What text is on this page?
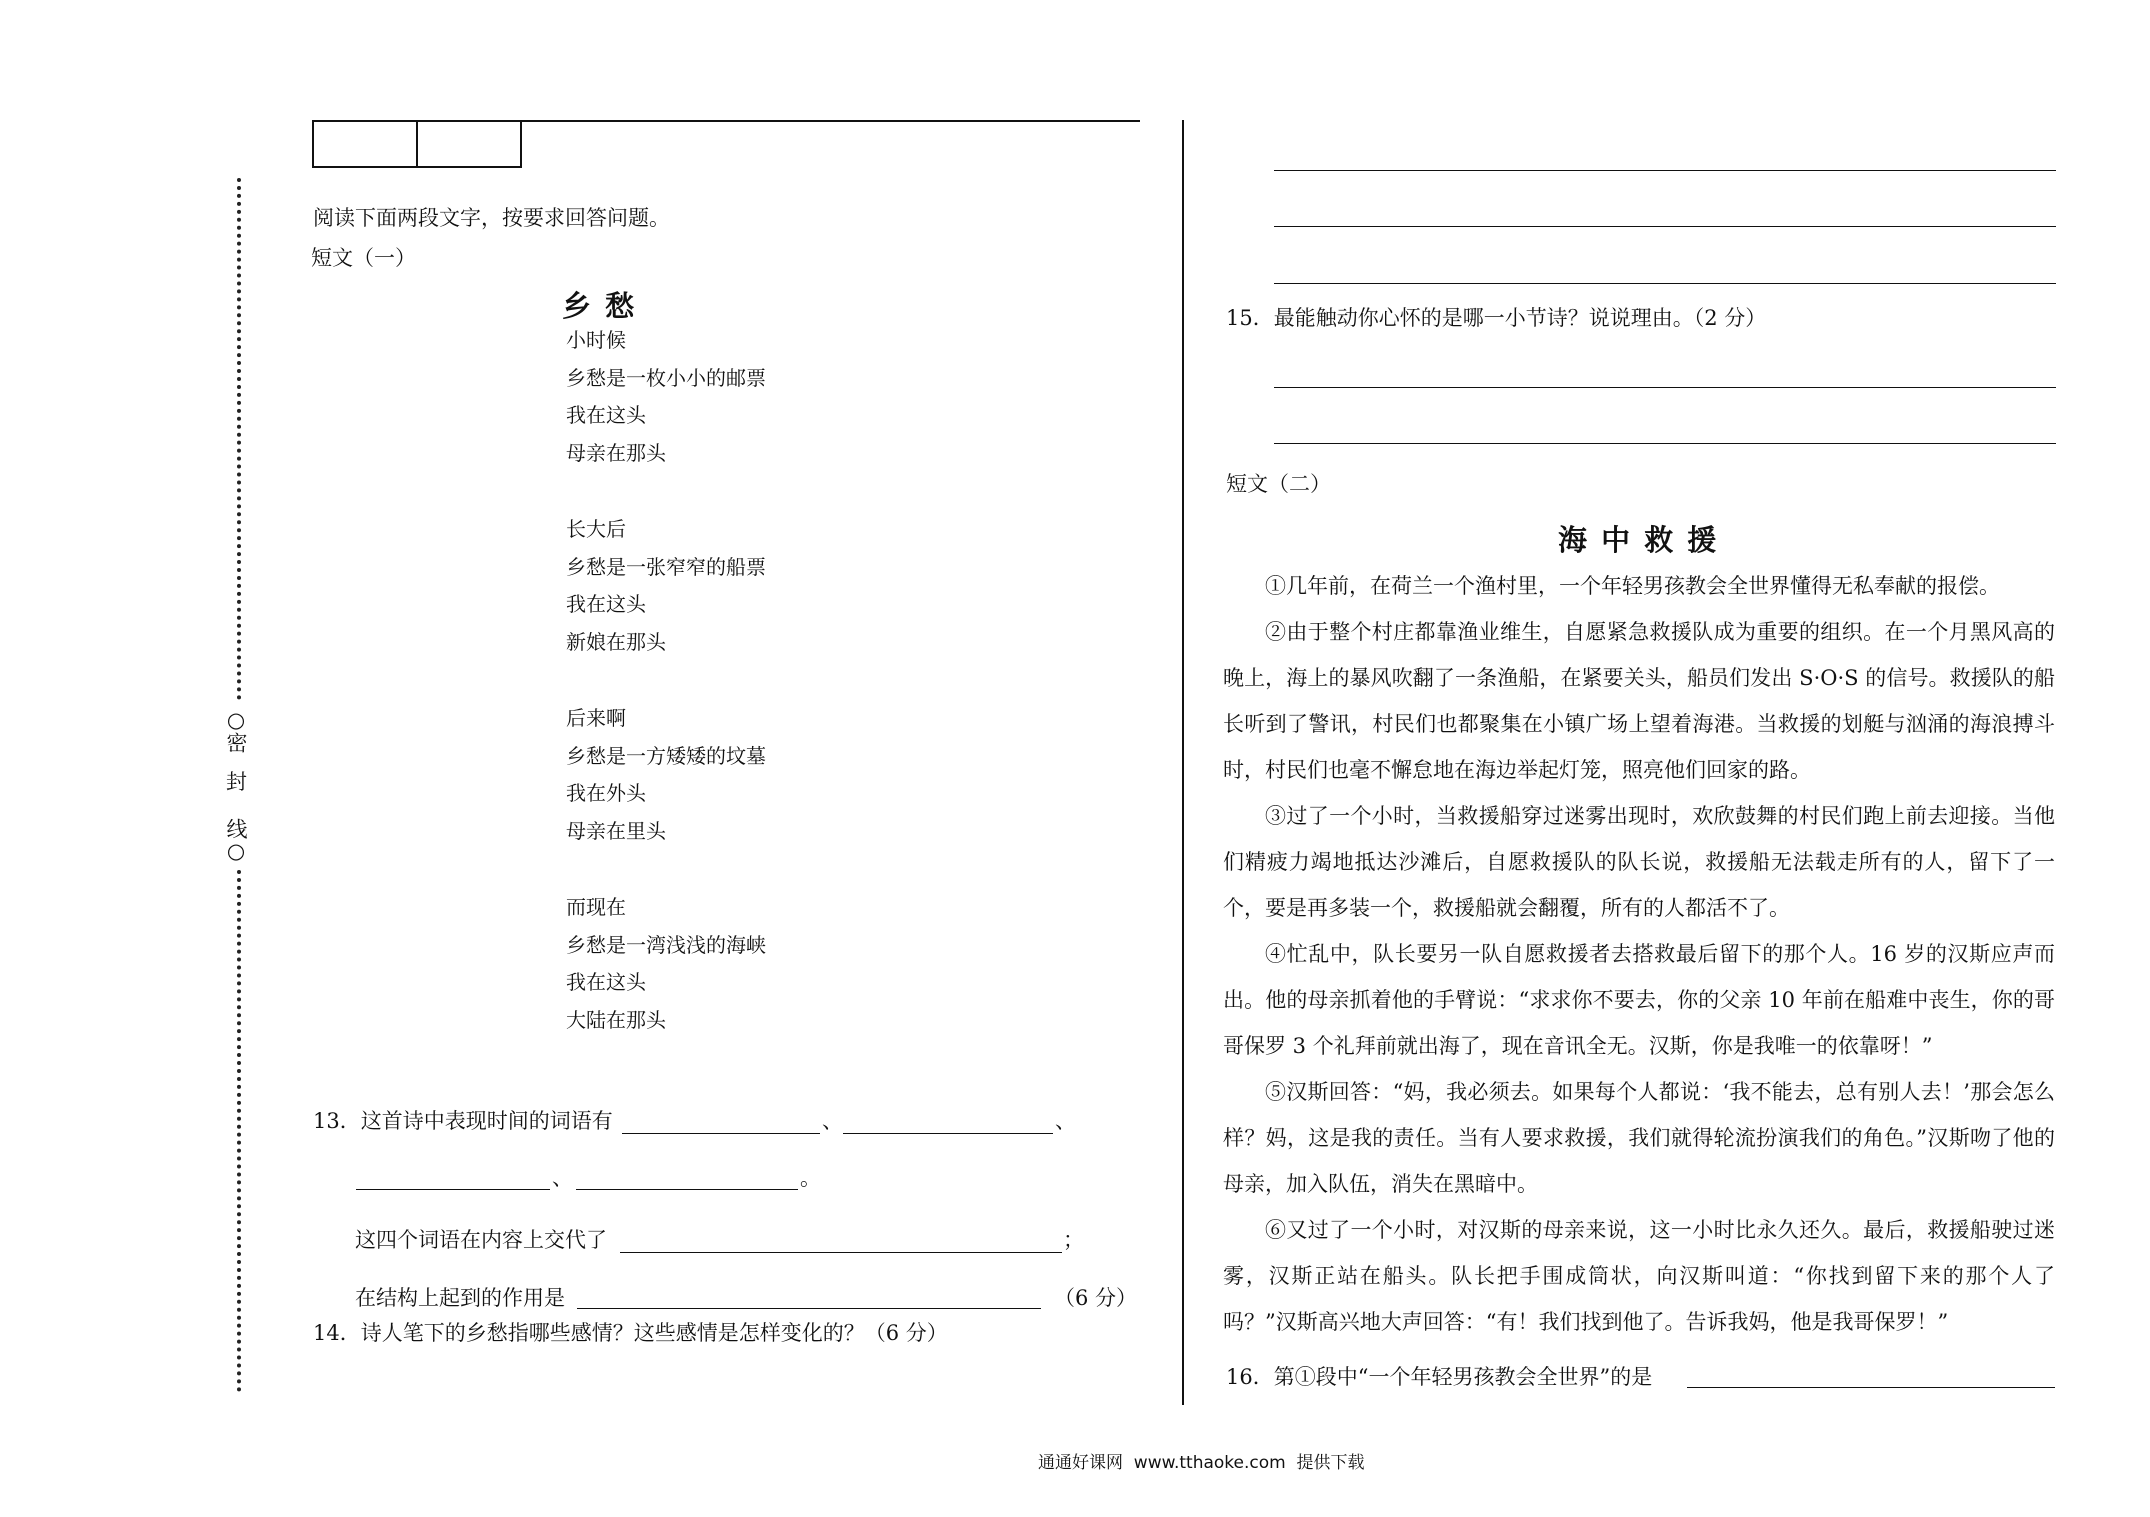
○密
封
线○
阅读下面两段文字，按要求回答问题。
短文（一）
乡 愁
小时候
乡愁是一枚小小的邮票
我在这头
母亲在那头
长大后
乡愁是一张窄窄的船票
我在这头
新娘在那头
后来啊
乡愁是一方矮矮的坟墓
我在外头
母亲在里头
而现在
乡愁是一湾浅浅的海峡
我在这头
大陆在那头
13．这首诗中表现时间的词语有	、	、
、	。
这四个词语在内容上交代了	；
在结构上起到的作用是	（6 分）
14．诗人笔下的乡愁指哪些感情？这些感情是怎样变化的？（6 分）
15．最能触动你心怀的是哪一小节诗？说说理由。（2 分）
短文（二）
海 中 救 援

①几年前，在荷兰一个渔村里，一个年轻男孩教会全世界懂得无私奉献的报偿。

②由于整个村庄都靠渔业维生，自愿紧急救援队成为重要的组织。在一个月黑风高的晚上，海上的暴风吹翻了一条渔船，在紧要关头，船员们发出 S·O·S 的信号。救援队的船长听到了警讯，村民们也都聚集在小镇广场上望着海港。当救援的划艇与汹涌的海浪搏斗时，村民们也毫不懈怠地在海边举起灯笼，照亮他们回家的路。

③过了一个小时，当救援船穿过迷雾出现时，欢欣鼓舞的村民们跑上前去迎接。当他们精疲力竭地抵达沙滩后，自愿救援队的队长说，救援船无法载走所有的人，留下了一个，要是再多装一个，救援船就会翻覆，所有的人都活不了。

④忙乱中，队长要另一队自愿救援者去搭救最后留下的那个人。16 岁的汉斯应声而出。他的母亲抓着他的手臂说：“求求你不要去，你的父亲 10 年前在船难中丧生，你的哥哥保罗 3 个礼拜前就出海了，现在音讯全无。汉斯，你是我唯一的依靠呀！”

⑤汉斯回答：“妈，我必须去。如果每个人都说：‘我不能去，总有别人去！’那会怎么样？妈，这是我的责任。当有人要求救援，我们就得轮流扮演我们的角色。”汉斯吻了他的母亲，加入队伍，消失在黑暗中。

⑥又过了一个小时，对汉斯的母亲来说，这一小时比永久还久。最后，救援船驶过迷雾，汉斯正站在船头。队长把手围成筒状，向汉斯叫道：“你找到留下来的那个人了吗？”汉斯高兴地大声回答：“有！我们找到他了。告诉我妈，他是我哥保罗！”

16．第①段中“一个年轻男孩教会全世界”的是
通通好课网  www.tthaoke.com  提供下载
